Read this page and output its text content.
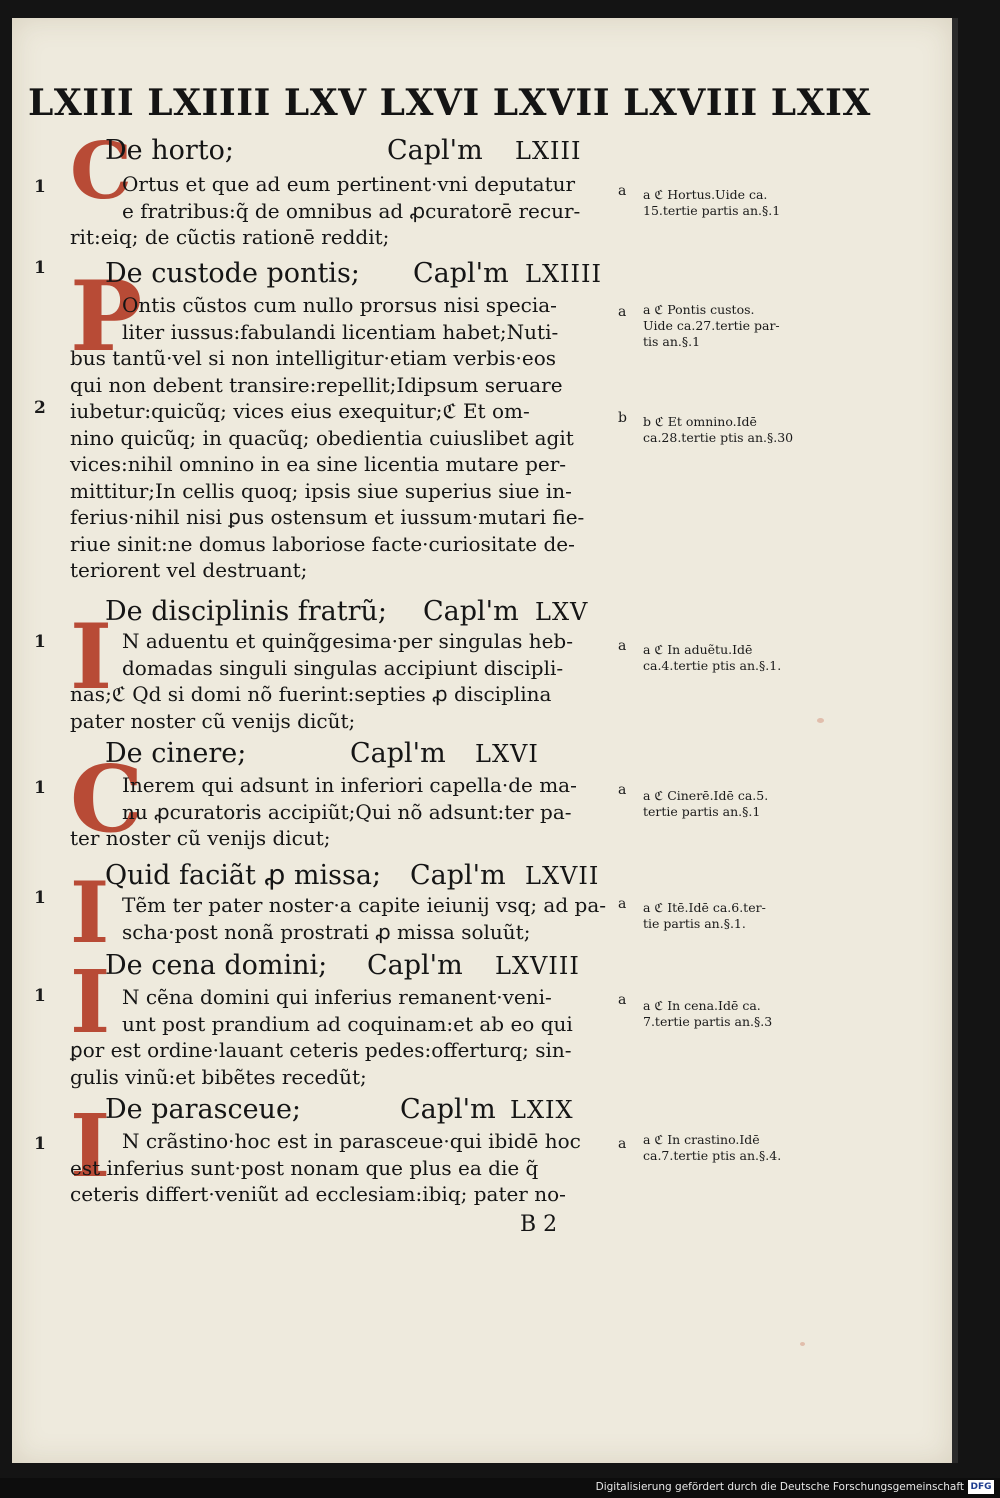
LXIII LXIIII LXV LXVI LXVII LXVIII LXIX
C
De horto;	Capl'm LXIII
1	Ortus et que ad eum pertinent·vni deputatur
e fratribus:q̃ de omnibus ad ꝓcuratorē recur-
rit:eiq; de cũctis rationē reddit;
a a ℭ Hortus.Uide ca.
15.tertie partis an.§.1
P
De custode pontis; Capl'm LXIIII
1
2
Ontis cũstos cum nullo prorsus nisi specia-
liter iussus:fabulandi licentiam habet;Nuti-
bus tantũ·vel si non intelligitur·etiam verbis·eos
qui non debent transire:repellit;Idipsum seruare
iubetur:quicũq; vices eius exequitur;ℭ Et om-
nino quicũq; in quacũq; obedientia cuiuslibet agit
vices:nihil omnino in ea sine licentia mutare per-
mittitur;In cellis quoq; ipsis siue superius siue in-
ferius·nihil nisi ꝑus ostensum et iussum·mutari fie-
riue sinit:ne domus laboriose facte·curiositate de-
teriorent vel destruant;
a a ℭ Pontis custos.
Uide ca.27.tertie par-
tis an.§.1
b b ℭ Et omnino.Idē
ca.28.tertie ptis an.§.30
I
De disciplinis fratrũ; Capl'm LXV
1	N aduentu et quinq̃gesima·per singulas heb-
domadas singuli singulas accipiunt discipli-
nas;ℭ Qd si domi nõ fuerint:septies ꝓ disciplina
pater noster cũ venijs dicũt;
a a ℭ In aduẽtu.Idē
ca.4.tertie ptis an.§.1.
C
De cinere;	Capl'm LXVI
1	Inerem qui adsunt in inferiori capella·de ma-
nu ꝓcuratoris accipiũt;Qui nõ adsunt:ter pa-
ter noster cũ venijs dicut;
a a ℭ Cinerē.Idē ca.5.
tertie partis an.§.1
I
Quid faciãt ꝓ missa; Capl'm LXVII
1	Tẽm ter pater noster·a capite ieiunij vsq; ad pa-
scha·post nonã prostrati ꝓ missa soluũt;
a a ℭ Itē.Idē ca.6.ter-
tie partis an.§.1.
I
De cena domini; Capl'm LXVIII
1	N cẽna domini qui inferius remanent·veni-
unt post prandium ad coquinam:et ab eo qui
ꝑor est ordine·lauant ceteris pedes:offerturq; sin-
gulis vinũ:et bibẽtes recedũt;
a a ℭ In cena.Idē ca.
7.tertie partis an.§.3
I
De parasceue;	Capl'm LXIX
1	N crãstino·hoc est in parasceue·qui ibidē hoc
est inferius sunt·post nonam que plus ea die q̃
ceteris differt·veniũt ad ecclesiam:ibiq; pater no-
a a ℭ In crastino.Idē
ca.7.tertie ptis an.§.4.
B 2
Digitalisierung gefördert durch die Deutsche Forschungsgemeinschaft DFG
